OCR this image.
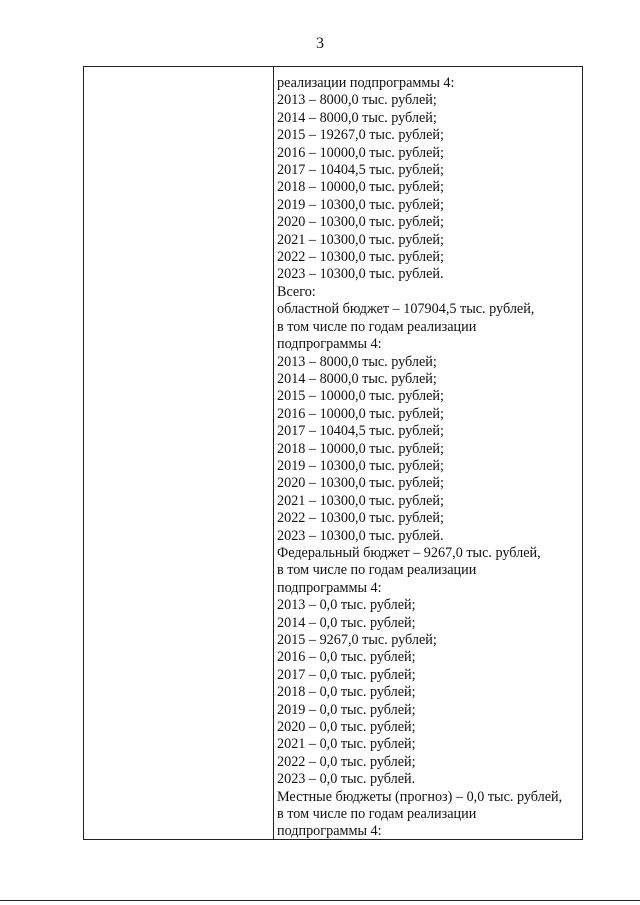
3
реализации подпрограммы 4:
2013 – 8000,0 тыс. рублей;
2014 – 8000,0 тыс. рублей;
2015 – 19267,0 тыс. рублей;
2016 – 10000,0 тыс. рублей;
2017 – 10404,5 тыс. рублей;
2018 – 10000,0 тыс. рублей;
2019 – 10300,0 тыс. рублей;
2020 – 10300,0 тыс. рублей;
2021 – 10300,0 тыс. рублей;
2022 – 10300,0 тыс. рублей;
2023 – 10300,0 тыс. рублей.
Всего:
областной бюджет – 107904,5 тыс. рублей,
в том числе по годам реализации
подпрограммы 4:
2013 – 8000,0 тыс. рублей;
2014 – 8000,0 тыс. рублей;
2015 – 10000,0 тыс. рублей;
2016 – 10000,0 тыс. рублей;
2017 – 10404,5 тыс. рублей;
2018 – 10000,0 тыс. рублей;
2019 – 10300,0 тыс. рублей;
2020 – 10300,0 тыс. рублей;
2021 – 10300,0 тыс. рублей;
2022 – 10300,0 тыс. рублей;
2023 – 10300,0 тыс. рублей.
Федеральный бюджет – 9267,0 тыс. рублей,
в том числе по годам реализации
подпрограммы 4:
2013 – 0,0 тыс. рублей;
2014 – 0,0 тыс. рублей;
2015 – 9267,0 тыс. рублей;
2016 – 0,0 тыс. рублей;
2017 – 0,0 тыс. рублей;
2018 – 0,0 тыс. рублей;
2019 – 0,0 тыс. рублей;
2020 – 0,0 тыс. рублей;
2021 – 0,0 тыс. рублей;
2022 – 0,0 тыс. рублей;
2023 – 0,0 тыс. рублей.
Местные бюджеты (прогноз) – 0,0 тыс. рублей,
в том числе по годам реализации
подпрограммы 4:
